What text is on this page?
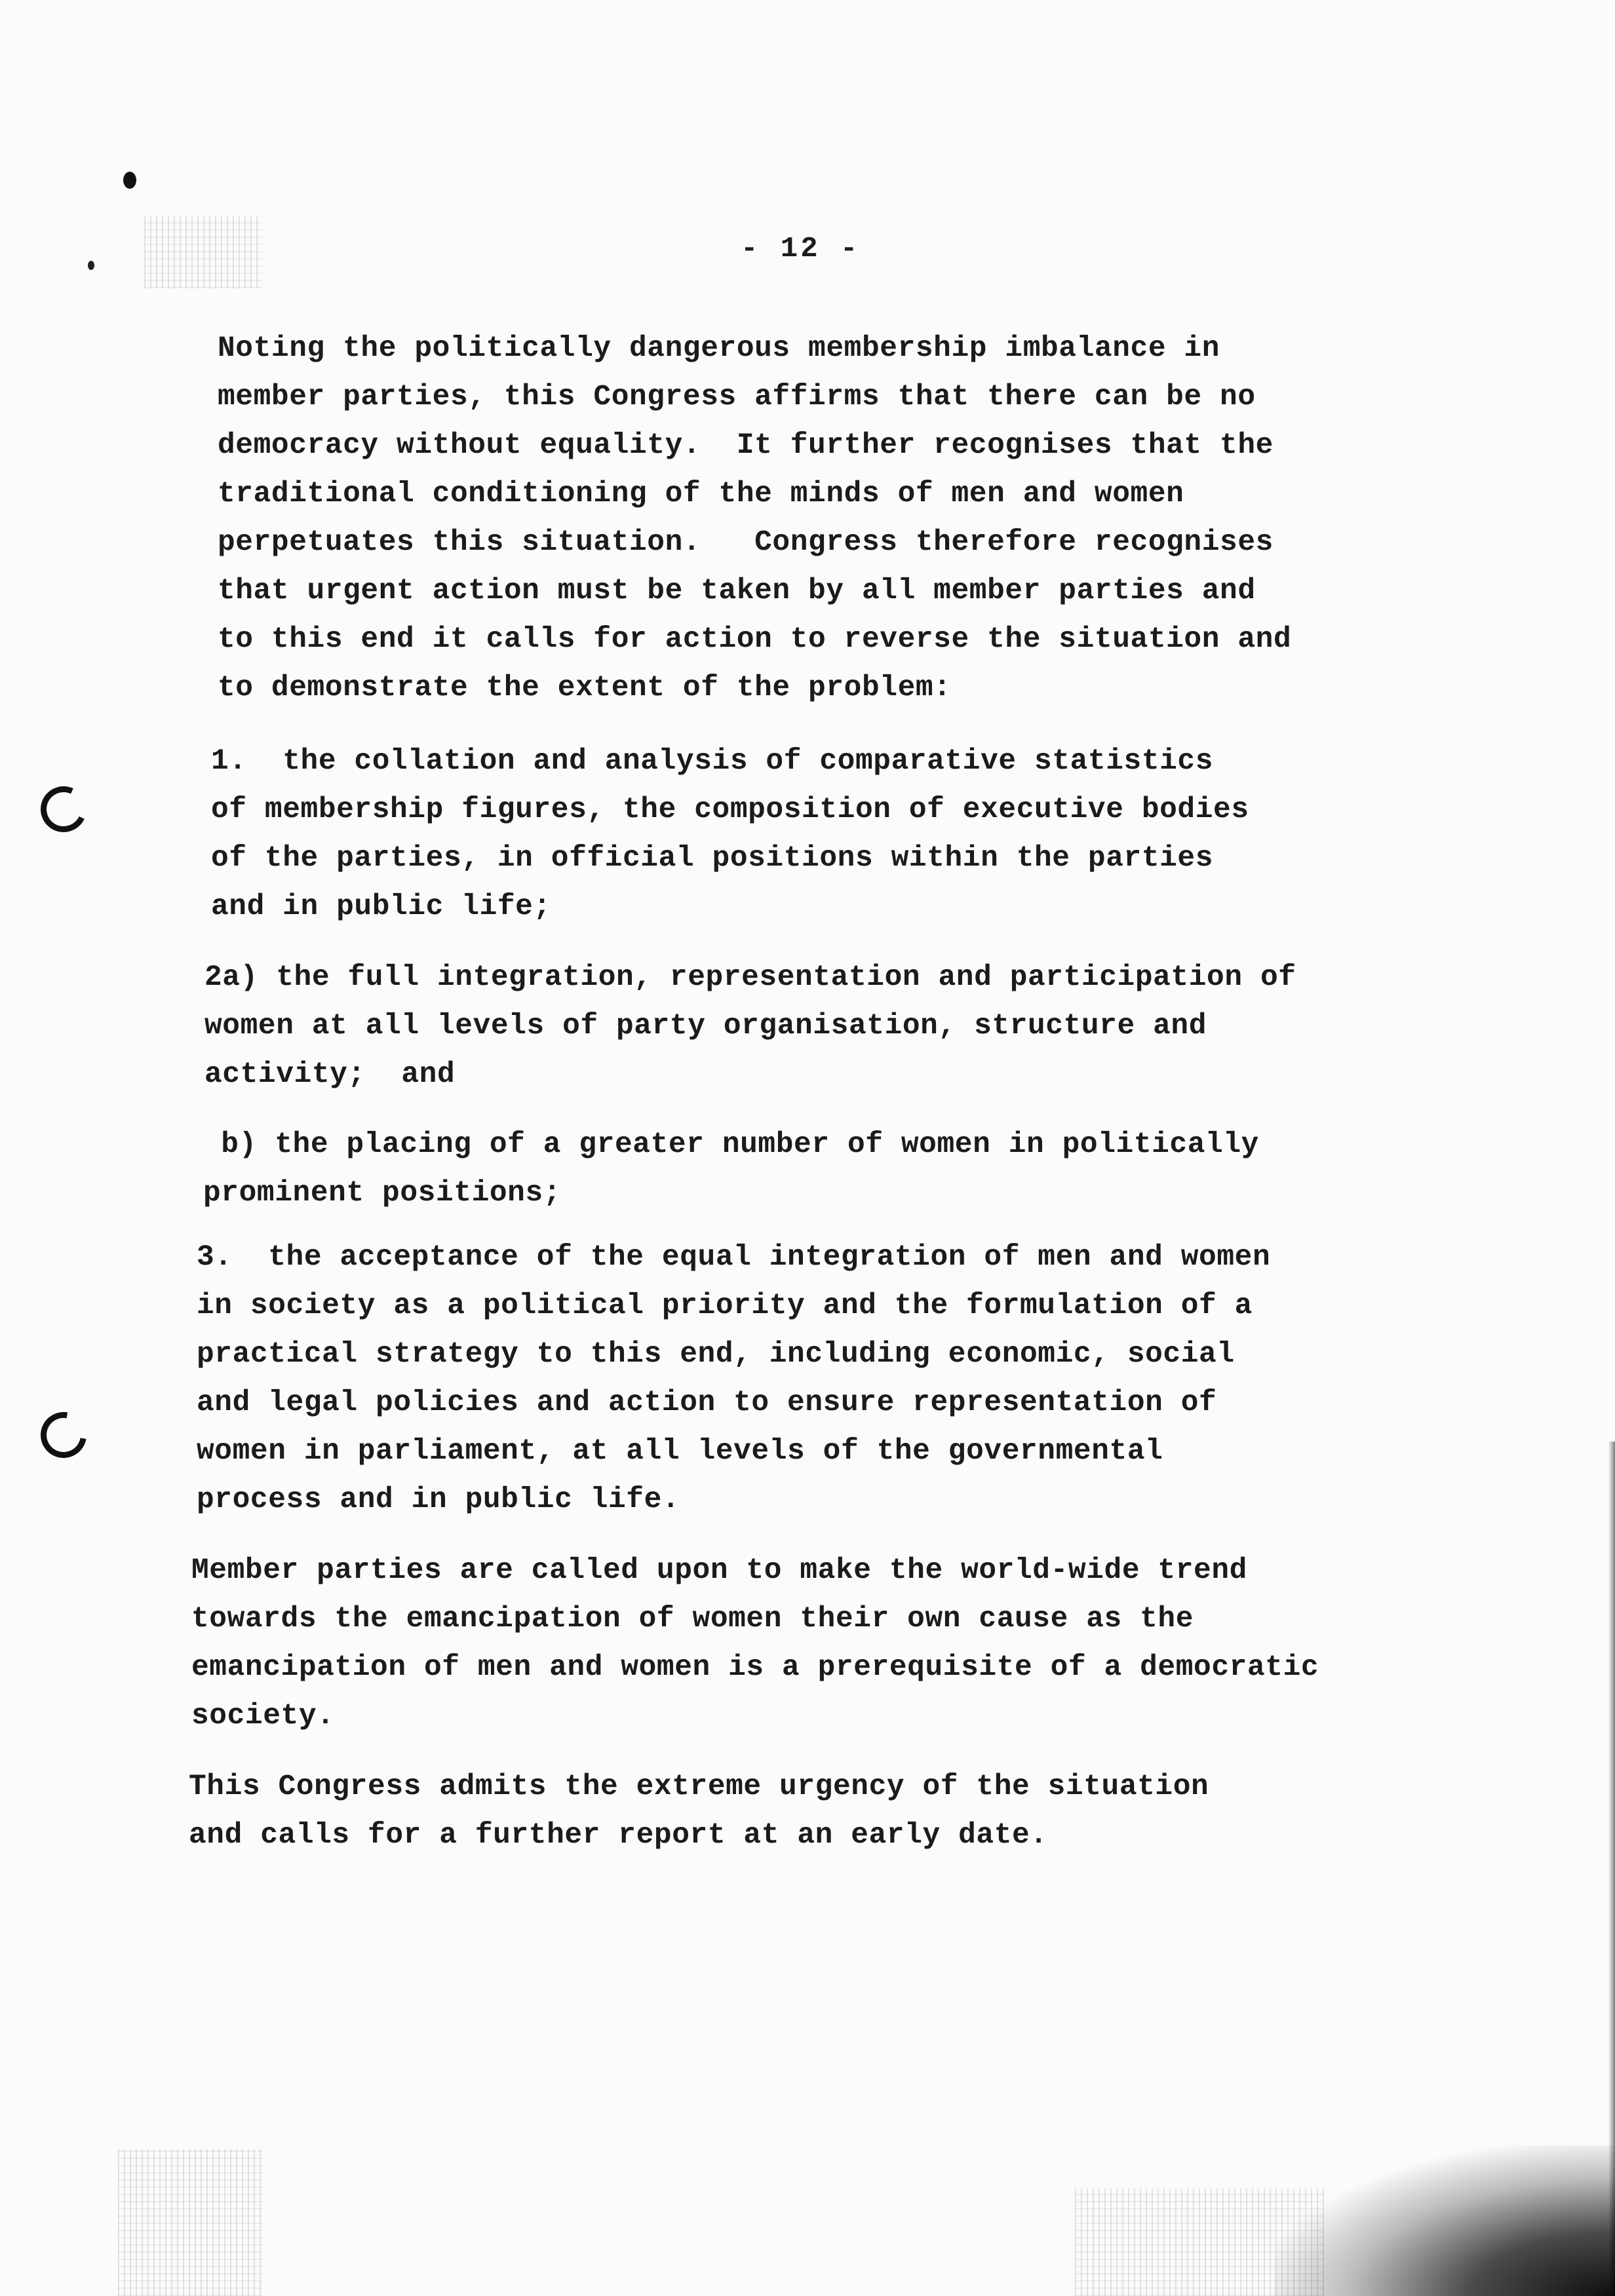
- 12 -

Noting the politically dangerous membership imbalance in
member parties, this Congress affirms that there can be no
democracy without equality.  It further recognises that the
traditional conditioning of the minds of men and women
perpetuates this situation.   Congress therefore recognises
that urgent action must be taken by all member parties and
to this end it calls for action to reverse the situation and
to demonstrate the extent of the problem:

1.  the collation and analysis of comparative statistics
of membership figures, the composition of executive bodies
of the parties, in official positions within the parties
and in public life;

2a) the full integration, representation and participation of
women at all levels of party organisation, structure and
activity;  and

b) the placing of a greater number of women in politically
prominent positions;

3.  the acceptance of the equal integration of men and women
in society as a political priority and the formulation of a
practical strategy to this end, including economic, social
and legal policies and action to ensure representation of
women in parliament, at all levels of the governmental
process and in public life.

Member parties are called upon to make the world-wide trend
towards the emancipation of women their own cause as the
emancipation of men and women is a prerequisite of a democratic
society.

This Congress admits the extreme urgency of the situation
and calls for a further report at an early date.
